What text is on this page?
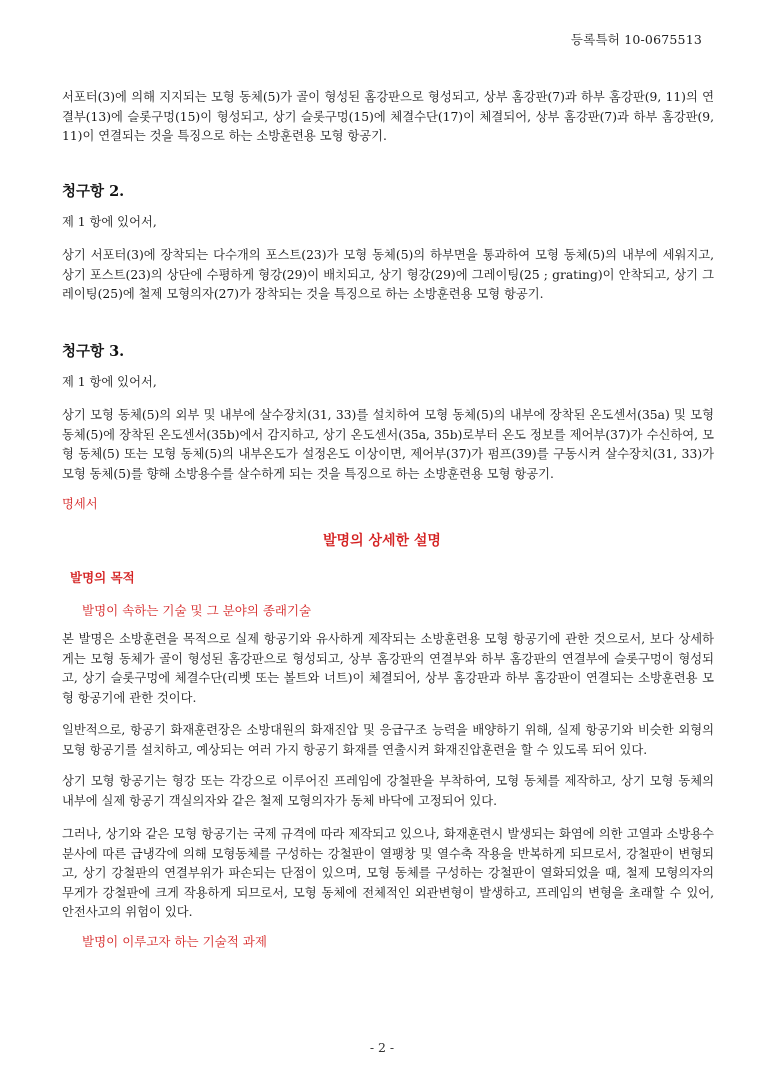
등록특허 10-0675513

서포터(3)에 의해 지지되는 모형 동체(5)가 골이 형성된 홈강판으로 형성되고, 상부 홈강판(7)과 하부 홈강판(9, 11)의 연결부(13)에 슬롯구멍(15)이 형성되고, 상기 슬롯구멍(15)에 체결수단(17)이 체결되어, 상부 홈강판(7)과 하부 홈강판(9, 11)이 연결되는 것을 특징으로 하는 소방훈련용 모형 항공기.

청구항 2.

제 1 항에 있어서,

상기 서포터(3)에 장착되는 다수개의 포스트(23)가 모형 동체(5)의 하부면을 통과하여 모형 동체(5)의 내부에 세워지고, 상기 포스트(23)의 상단에 수평하게 형강(29)이 배치되고, 상기 형강(29)에 그레이팅(25 ; grating)이 안착되고, 상기 그레이팅(25)에 철제 모형의자(27)가 장착되는 것을 특징으로 하는 소방훈련용 모형 항공기.

청구항 3.

제 1 항에 있어서,

상기 모형 동체(5)의 외부 및 내부에 살수장치(31, 33)를 설치하여 모형 동체(5)의 내부에 장착된 온도센서(35a) 및 모형 동체(5)에 장착된 온도센서(35b)에서 감지하고, 상기 온도센서(35a, 35b)로부터 온도 정보를 제어부(37)가 수신하여, 모형 동체(5) 또는 모형 동체(5)의 내부온도가 설정온도 이상이면, 제어부(37)가 펌프(39)를 구동시켜 살수장치(31, 33)가 모형 동체(5)를 향해 소방용수를 살수하게 되는 것을 특징으로 하는 소방훈련용 모형 항공기.

명세서

발명의 상세한 설명

발명의 목적

발명이 속하는 기술 및 그 분야의 종래기술

본 발명은 소방훈련을 목적으로 실제 항공기와 유사하게 제작되는 소방훈련용 모형 항공기에 관한 것으로서, 보다 상세하게는 모형 동체가 골이 형성된 홈강판으로 형성되고, 상부 홈강판의 연결부와 하부 홈강판의 연결부에 슬롯구멍이 형성되고, 상기 슬롯구멍에 체결수단(리벳 또는 볼트와 너트)이 체결되어, 상부 홈강판과 하부 홈강판이 연결되는 소방훈련용 모형 항공기에 관한 것이다.

일반적으로, 항공기 화재훈련장은 소방대원의 화재진압 및 응급구조 능력을 배양하기 위해, 실제 항공기와 비슷한 외형의 모형 항공기를 설치하고, 예상되는 여러 가지 항공기 화재를 연출시켜 화재진압훈련을 할 수 있도록 되어 있다.

상기 모형 항공기는 형강 또는 각강으로 이루어진 프레임에 강철판을 부착하여, 모형 동체를 제작하고, 상기 모형 동체의 내부에 실제 항공기 객실의자와 같은 철제 모형의자가 동체 바닥에 고정되어 있다.

그러나, 상기와 같은 모형 항공기는 국제 규격에 따라 제작되고 있으나, 화재훈련시 발생되는 화염에 의한 고열과 소방용수 분사에 따른 급냉각에 의해 모형동체를 구성하는 강철판이 열팽창 및 열수축 작용을 반복하게 되므로서, 강철판이 변형되고, 상기 강철판의 연결부위가 파손되는 단점이 있으며, 모형 동체를 구성하는 강철판이 열화되었을 때, 철제 모형의자의 무게가 강철판에 크게 작용하게 되므로서, 모형 동체에 전체적인 외관변형이 발생하고, 프레임의 변형을 초래할 수 있어, 안전사고의 위험이 있다.

발명이 이루고자 하는 기술적 과제

- 2 -
